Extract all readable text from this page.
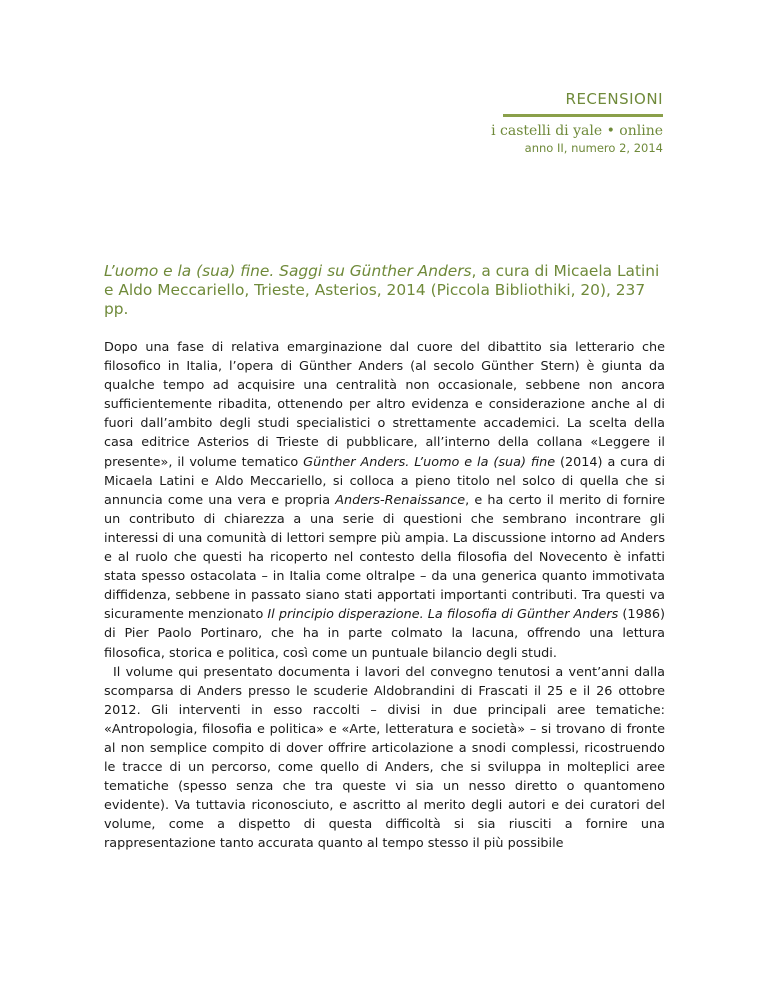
RECENSIONI
i castelli di yale • online
anno II, numero 2, 2014
L’uomo e la (sua) fine. Saggi su Günther Anders, a cura di Micaela Latini e Aldo Meccariello, Trieste, Asterios, 2014 (Piccola Bibliothiki, 20), 237 pp.

Dopo una fase di relativa emarginazione dal cuore del dibattito sia letterario che filosofico in Italia, l’opera di Günther Anders (al secolo Günther Stern) è giunta da qualche tempo ad acquisire una centralità non occasionale, sebbene non ancora sufficientemente ribadita, ottenendo per altro evidenza e considerazione anche al di fuori dall’ambito degli studi specialistici o strettamente accademici. La scelta della casa editrice Asterios di Trieste di pubblicare, all’interno della collana «Leggere il presente», il volume tematico Günther Anders. L’uomo e la (sua) fine (2014) a cura di Micaela Latini e Aldo Meccariello, si colloca a pieno titolo nel solco di quella che si annuncia come una vera e propria Anders-Renaissance, e ha certo il merito di fornire un contributo di chiarezza a una serie di questioni che sembrano incontrare gli interessi di una comunità di lettori sempre più ampia. La discussione intorno ad Anders e al ruolo che questi ha ricoperto nel contesto della filosofia del Novecento è infatti stata spesso ostacolata – in Italia come oltralpe – da una generica quanto immotivata diffidenza, sebbene in passato siano stati apportati importanti contributi. Tra questi va sicuramente menzionato Il principio disperazione. La filosofia di Günther Anders (1986) di Pier Paolo Portinaro, che ha in parte colmato la lacuna, offrendo una lettura filosofica, storica e politica, così come un puntuale bilancio degli studi.

Il volume qui presentato documenta i lavori del convegno tenutosi a vent’anni dalla scomparsa di Anders presso le scuderie Aldobrandini di Frascati il 25 e il 26 ottobre 2012. Gli interventi in esso raccolti – divisi in due principali aree tematiche: «Antropologia, filosofia e politica» e «Arte, letteratura e società» – si trovano di fronte al non semplice compito di dover offrire articolazione a snodi complessi, ricostruendo le tracce di un percorso, come quello di Anders, che si sviluppa in molteplici aree tematiche (spesso senza che tra queste vi sia un nesso diretto o quantomeno evidente). Va tuttavia riconosciuto, e ascritto al merito degli autori e dei curatori del volume, come a dispetto di questa difficoltà si sia riusciti a fornire una rappresentazione tanto accurata quanto al tempo stesso il più possibile
